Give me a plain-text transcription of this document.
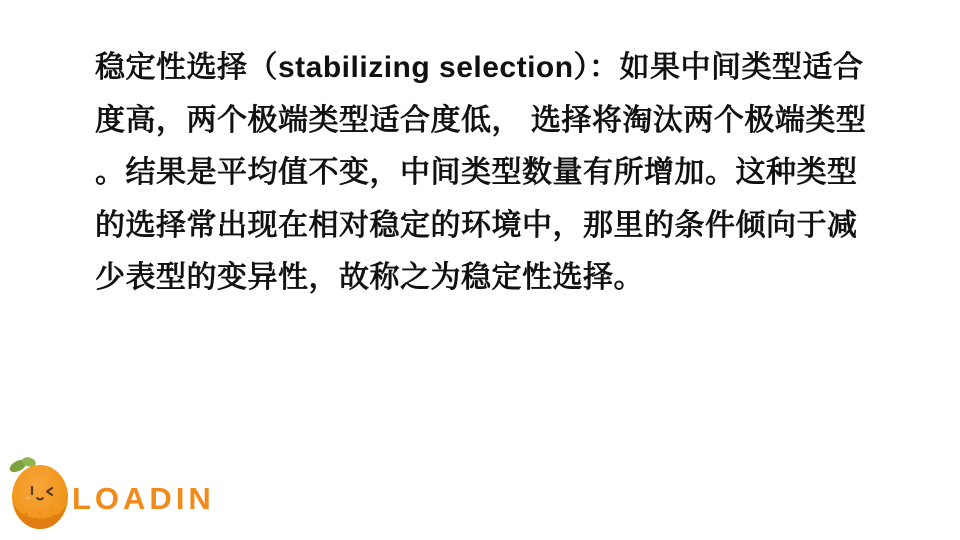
稳定性选择（stabilizing selection）：如果中间类型适合
度高，两个极端类型适合度低， 选择将淘汰两个极端类型
。结果是平均值不变，中间类型数量有所增加。这种类型
的选择常出现在相对稳定的环境中，那里的条件倾向于减
少表型的变异性，故称之为稳定性选择。
LOADIN
